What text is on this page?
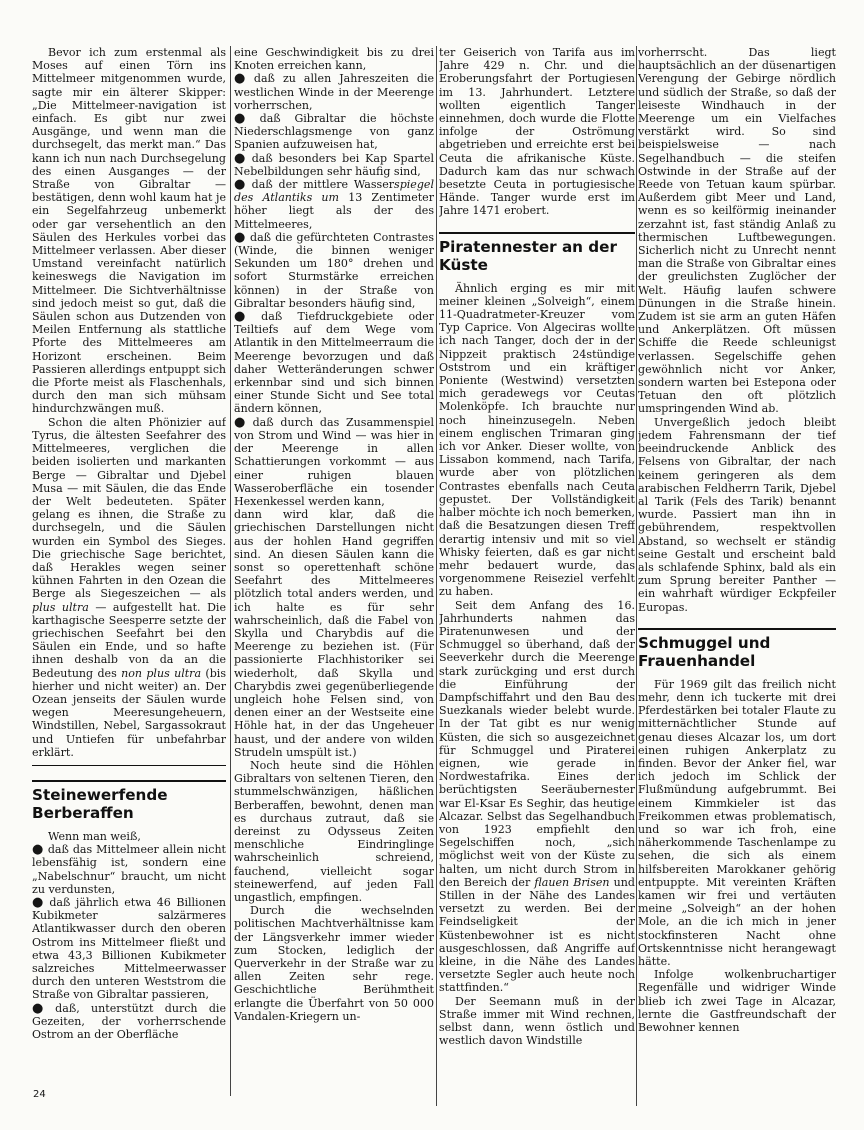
Bevor ich zum erstenmal als Moses auf einen Törn ins Mittelmeer mitgenommen wurde, sagte mir ein älterer Skipper: „Die Mittelmeer-navigation ist einfach. Es gibt nur zwei Ausgänge, und wenn man die durchsegelt, das merkt man.“ Das kann ich nun nach Durchsegelung des einen Ausganges — der Straße von Gibraltar — bestätigen, denn wohl kaum hat je ein Segelfahrzeug unbemerkt oder gar versehentlich an den Säulen des Herkules vorbei das Mittelmeer verlassen. Aber dieser Umstand vereinfacht natürlich keineswegs die Navigation im Mittelmeer. Die Sichtverhältnisse sind jedoch meist so gut, daß die Säulen schon aus Dutzenden von Meilen Entfernung als stattliche Pforte des Mittelmeeres am Horizont erscheinen. Beim Passieren allerdings entpuppt sich die Pforte meist als Flaschenhals, durch den man sich mühsam hindurchzwängen muß.

Schon die alten Phönizier auf Tyrus, die ältesten Seefahrer des Mittelmeeres, verglichen die beiden isolierten und markanten Berge — Gibraltar und Djebel Musa — mit Säulen, die das Ende der Welt bedeuteten. Später gelang es ihnen, die Straße zu durchsegeln, und die Säulen wurden ein Symbol des Sieges. Die griechische Sage berichtet, daß Herakles wegen seiner kühnen Fahrten in den Ozean die Berge als Siegeszeichen — als plus ultra — aufgestellt hat. Die karthagische Seesperre setzte der griechischen Seefahrt bei den Säulen ein Ende, und so hafte ihnen deshalb von da an die Bedeutung des non plus ultra (bis hierher und nicht weiter) an. Der Ozean jenseits der Säulen wurde wegen Meeresungeheuern, Windstillen, Nebel, Sargassokraut und Untiefen für unbefahrbar erklärt.

Steinewerfende Berberaffen

Wenn man weiß,

● daß das Mittelmeer allein nicht lebensfähig ist, sondern eine „Nabelschnur“ braucht, um nicht zu verdunsten,

● daß jährlich etwa 46 Billionen Kubikmeter salzärmeres Atlantikwasser durch den oberen Ostrom ins Mittelmeer fließt und etwa 43,3 Billionen Kubikmeter salzreiches Mittelmeerwasser durch den unteren Weststrom die Straße von Gibraltar passieren,

● daß, unterstützt durch die Gezeiten, der vorherrschende Ostrom an der Oberfläche

eine Geschwindigkeit bis zu drei Knoten erreichen kann,

● daß zu allen Jahreszeiten die westlichen Winde in der Meerenge vorherrschen,

● daß Gibraltar die höchste Niederschlagsmenge von ganz Spanien aufzuweisen hat,

● daß besonders bei Kap Spartel Nebelbildungen sehr häufig sind,

● daß der mittlere Wasserspiegel des Atlantiks um 13 Zentimeter höher liegt als der des Mittelmeeres,

● daß die gefürchteten Contrastes (Winde, die binnen weniger Sekunden um 180° drehen und sofort Sturmstärke erreichen können) in der Straße von Gibraltar besonders häufig sind,

● daß Tiefdruckgebiete oder Teiltiefs auf dem Wege vom Atlantik in den Mittelmeerraum die Meerenge bevorzugen und daß daher Wetteränderungen schwer erkennbar sind und sich binnen einer Stunde Sicht und See total ändern können,

● daß durch das Zusammenspiel von Strom und Wind — was hier in der Meerenge in allen Schattierungen vorkommt — aus einer ruhigen blauen Wasseroberfläche ein tosender Hexenkessel werden kann,

dann wird klar, daß die griechischen Darstellungen nicht aus der hohlen Hand gegriffen sind. An diesen Säulen kann die sonst so operettenhaft schöne Seefahrt des Mittelmeeres plötzlich total anders werden, und ich halte es für sehr wahrscheinlich, daß die Fabel von Skylla und Charybdis auf die Meerenge zu beziehen ist. (Für passionierte Flachhistoriker sei wiederholt, daß Skylla und Charybdis zwei gegenüberliegende ungleich hohe Felsen sind, von denen einer an der Westseite eine Höhle hat, in der das Ungeheuer haust, und der andere von wilden Strudeln umspült ist.)

Noch heute sind die Höhlen Gibraltars von seltenen Tieren, den stummelschwänzigen, häßlichen Berberaffen, bewohnt, denen man es durchaus zutraut, daß sie dereinst zu Odysseus Zeiten menschliche Eindringlinge wahrscheinlich schreiend, fauchend, vielleicht sogar steinewerfend, auf jeden Fall ungastlich, empfingen.

Durch die wechselnden politischen Machtverhältnisse kam der Längsverkehr immer wieder zum Stocken, lediglich der Querverkehr in der Straße war zu allen Zeiten sehr rege. Geschichtliche Berühmtheit erlangte die Überfahrt von 50 000 Vandalen-Kriegern un-

ter Geiserich von Tarifa aus im Jahre 429 n. Chr. und die Eroberungsfahrt der Portugiesen im 13. Jahrhundert. Letztere wollten eigentlich Tanger einnehmen, doch wurde die Flotte infolge der Oströmung abgetrieben und erreichte erst bei Ceuta die afrikanische Küste. Dadurch kam das nur schwach besetzte Ceuta in portugiesische Hände. Tanger wurde erst im Jahre 1471 erobert.

Piratennester an der Küste

Ähnlich erging es mir mit meiner kleinen „Solveigh“, einem 11-Quadratmeter-Kreuzer vom Typ Caprice. Von Algeciras wollte ich nach Tanger, doch der in der Nippzeit praktisch 24stündige Oststrom und ein kräftiger Poniente (Westwind) versetzten mich geradewegs vor Ceutas Molenköpfe. Ich brauchte nur noch hineinzusegeln. Neben einem englischen Trimaran ging ich vor Anker. Dieser wollte, von Lissabon kommend, nach Tarifa, wurde aber von plötzlichen Contrastes ebenfalls nach Ceuta gepustet. Der Vollständigkeit halber möchte ich noch bemerken, daß die Besatzungen diesen Treff derartig intensiv und mit so viel Whisky feierten, daß es gar nicht mehr bedauert wurde, das vorgenommene Reiseziel verfehlt zu haben.

Seit dem Anfang des 16. Jahrhunderts nahmen das Piratenunwesen und der Schmuggel so überhand, daß der Seeverkehr durch die Meerenge stark zurückging und erst durch die Einführung der Dampfschiffahrt und den Bau des Suezkanals wieder belebt wurde. In der Tat gibt es nur wenig Küsten, die sich so ausgezeichnet für Schmuggel und Piraterei eignen, wie gerade in Nordwestafrika. Eines der berüchtigsten Seeräubernester war El-Ksar Es Seghir, das heutige Alcazar. Selbst das Segelhandbuch von 1923 empfiehlt den Segelschiffen noch, „sich möglichst weit von der Küste zu halten, um nicht durch Strom in den Bereich der flauen Brisen und Stillen in der Nähe des Landes versetzt zu werden. Bei der Feindseligkeit der Küstenbewohner ist es nicht ausgeschlossen, daß Angriffe auf kleine, in die Nähe des Landes versetzte Segler auch heute noch stattfinden.“

Der Seemann muß in der Straße immer mit Wind rechnen, selbst dann, wenn östlich und westlich davon Windstille

vorherrscht. Das liegt hauptsächlich an der düsenartigen Verengung der Gebirge nördlich und südlich der Straße, so daß der leiseste Windhauch in der Meerenge um ein Vielfaches verstärkt wird. So sind beispielsweise — nach Segelhandbuch — die steifen Ostwinde in der Straße auf der Reede von Tetuan kaum spürbar. Außerdem gibt Meer und Land, wenn es so keilförmig ineinander zerzahnt ist, fast ständig Anlaß zu thermischen Luftbewegungen. Sicherlich nicht zu Unrecht nennt man die Straße von Gibraltar eines der greulichsten Zuglöcher der Welt. Häufig laufen schwere Dünungen in die Straße hinein. Zudem ist sie arm an guten Häfen und Ankerplätzen. Oft müssen Schiffe die Reede schleunigst verlassen. Segelschiffe gehen gewöhnlich nicht vor Anker, sondern warten bei Estepona oder Tetuan den oft plötzlich umspringenden Wind ab.

Unvergeßlich jedoch bleibt jedem Fahrensmann der tief beeindruckende Anblick des Felsens von Gibraltar, der nach keinem geringeren als dem arabischen Feldherrn Tarik, Djebel al Tarik (Fels des Tarik) benannt wurde. Passiert man ihn in gebührendem, respektvollen Abstand, so wechselt er ständig seine Gestalt und erscheint bald als schlafende Sphinx, bald als ein zum Sprung bereiter Panther — ein wahrhaft würdiger Eckpfeiler Europas.

Schmuggel und Frauenhandel

Für 1969 gilt das freilich nicht mehr, denn ich tuckerte mit drei Pferdestärken bei totaler Flaute zu mitternächtlicher Stunde auf genau dieses Alcazar los, um dort einen ruhigen Ankerplatz zu finden. Bevor der Anker fiel, war ich jedoch im Schlick der Flußmündung aufgebrummt. Bei einem Kimmkieler ist das Freikommen etwas problematisch, und so war ich froh, eine näherkommende Taschenlampe zu sehen, die sich als einem hilfsbereiten Marokkaner gehörig entpuppte. Mit vereinten Kräften kamen wir frei und vertäuten meine „Solveigh“ an der hohen Mole, an die ich mich in jener stockfinsteren Nacht ohne Ortskenntnisse nicht herangewagt hätte.

Infolge wolkenbruchartiger Regenfälle und widriger Winde blieb ich zwei Tage in Alcazar, lernte die Gastfreundschaft der Bewohner kennen

24
